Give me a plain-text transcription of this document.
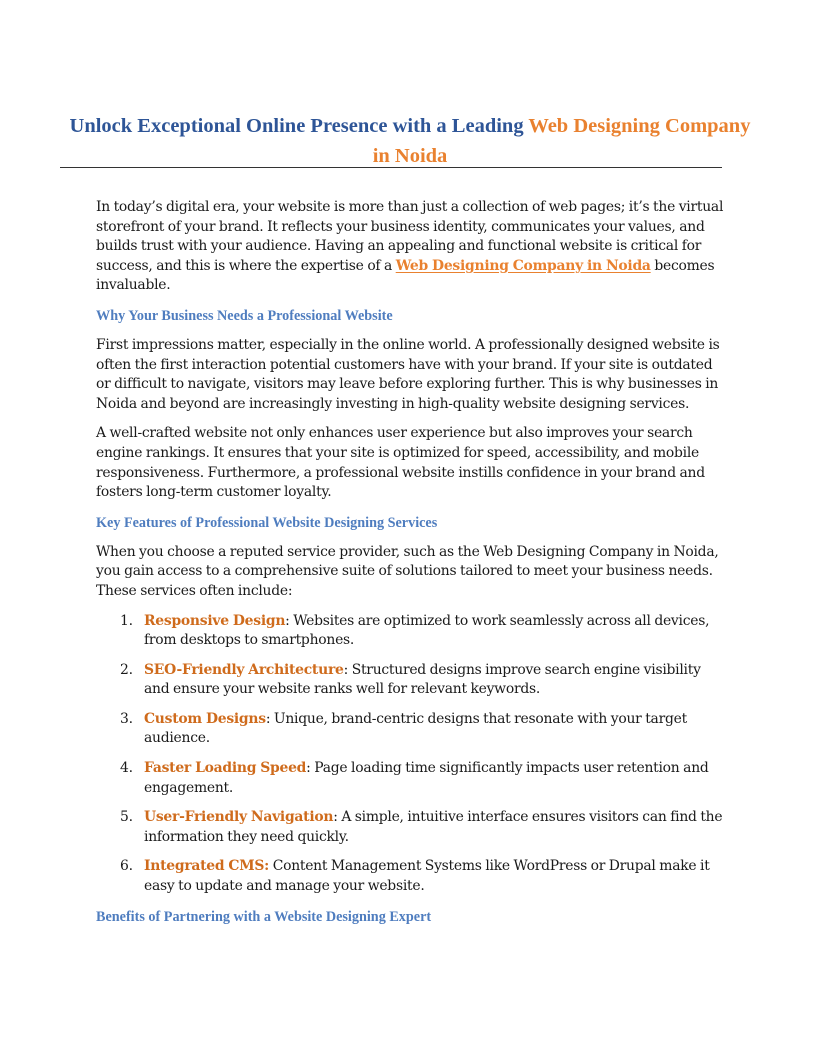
Unlock Exceptional Online Presence with a Leading Web Designing Company in Noida

In today’s digital era, your website is more than just a collection of web pages; it’s the virtual storefront of your brand. It reflects your business identity, communicates your values, and builds trust with your audience. Having an appealing and functional website is critical for success, and this is where the expertise of a Web Designing Company in Noida becomes invaluable.

Why Your Business Needs a Professional Website

First impressions matter, especially in the online world. A professionally designed website is often the first interaction potential customers have with your brand. If your site is outdated or difficult to navigate, visitors may leave before exploring further. This is why businesses in Noida and beyond are increasingly investing in high-quality website designing services.

A well-crafted website not only enhances user experience but also improves your search engine rankings. It ensures that your site is optimized for speed, accessibility, and mobile responsiveness. Furthermore, a professional website instills confidence in your brand and fosters long-term customer loyalty.

Key Features of Professional Website Designing Services

When you choose a reputed service provider, such as the Web Designing Company in Noida, you gain access to a comprehensive suite of solutions tailored to meet your business needs. These services often include:

1. Responsive Design: Websites are optimized to work seamlessly across all devices, from desktops to smartphones.
2. SEO-Friendly Architecture: Structured designs improve search engine visibility and ensure your website ranks well for relevant keywords.
3. Custom Designs: Unique, brand-centric designs that resonate with your target audience.
4. Faster Loading Speed: Page loading time significantly impacts user retention and engagement.
5. User-Friendly Navigation: A simple, intuitive interface ensures visitors can find the information they need quickly.
6. Integrated CMS: Content Management Systems like WordPress or Drupal make it easy to update and manage your website.

Benefits of Partnering with a Website Designing Expert
